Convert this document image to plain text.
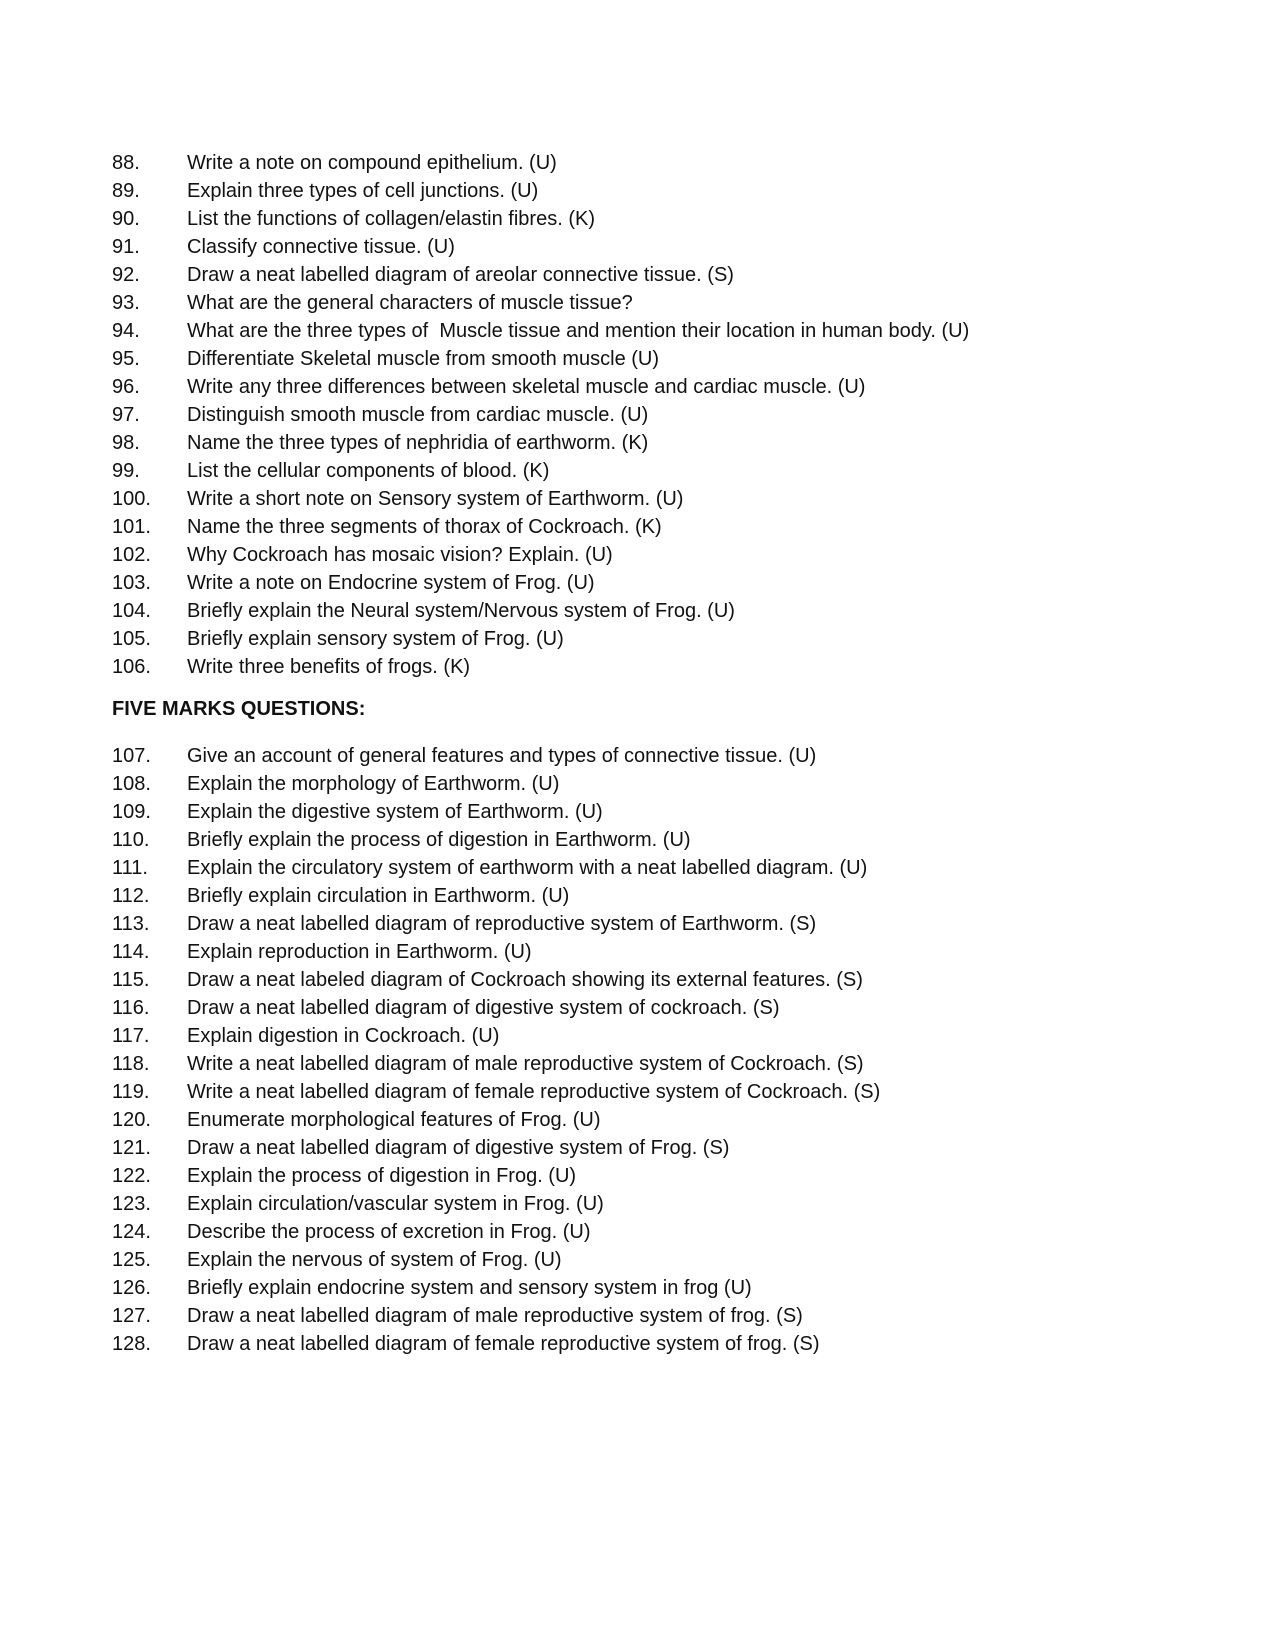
88.	Write a note on compound epithelium. (U)
89.	Explain three types of cell junctions. (U)
90.	List the functions of collagen/elastin fibres. (K)
91.	Classify connective tissue. (U)
92.	Draw a neat labelled diagram of areolar connective tissue. (S)
93.	What are the general characters of muscle tissue?
94.	What are the three types of  Muscle tissue and mention their location in human body. (U)
95.	Differentiate Skeletal muscle from smooth muscle (U)
96.	Write any three differences between skeletal muscle and cardiac muscle. (U)
97.	Distinguish smooth muscle from cardiac muscle. (U)
98.	Name the three types of nephridia of earthworm. (K)
99.	List the cellular components of blood. (K)
100.	Write a short note on Sensory system of Earthworm. (U)
101.	Name the three segments of thorax of Cockroach. (K)
102.	Why Cockroach has mosaic vision? Explain. (U)
103.	Write a note on Endocrine system of Frog. (U)
104.	Briefly explain the Neural system/Nervous system of Frog. (U)
105.	Briefly explain sensory system of Frog. (U)
106.	Write three benefits of frogs. (K)
FIVE MARKS QUESTIONS:
107.	Give an account of general features and types of connective tissue. (U)
108.	Explain the morphology of Earthworm. (U)
109.	Explain the digestive system of Earthworm. (U)
110.	Briefly explain the process of digestion in Earthworm. (U)
111.	Explain the circulatory system of earthworm with a neat labelled diagram. (U)
112.	Briefly explain circulation in Earthworm. (U)
113.	Draw a neat labelled diagram of reproductive system of Earthworm. (S)
114.	Explain reproduction in Earthworm. (U)
115.	Draw a neat labeled diagram of Cockroach showing its external features. (S)
116.	Draw a neat labelled diagram of digestive system of cockroach. (S)
117.	Explain digestion in Cockroach. (U)
118.	Write a neat labelled diagram of male reproductive system of Cockroach. (S)
119.	Write a neat labelled diagram of female reproductive system of Cockroach. (S)
120.	Enumerate morphological features of Frog. (U)
121.	Draw a neat labelled diagram of digestive system of Frog. (S)
122.	Explain the process of digestion in Frog. (U)
123.	Explain circulation/vascular system in Frog. (U)
124.	Describe the process of excretion in Frog. (U)
125.	Explain the nervous of system of Frog. (U)
126.	Briefly explain endocrine system and sensory system in frog (U)
127.	Draw a neat labelled diagram of male reproductive system of frog. (S)
128.	Draw a neat labelled diagram of female reproductive system of frog. (S)
